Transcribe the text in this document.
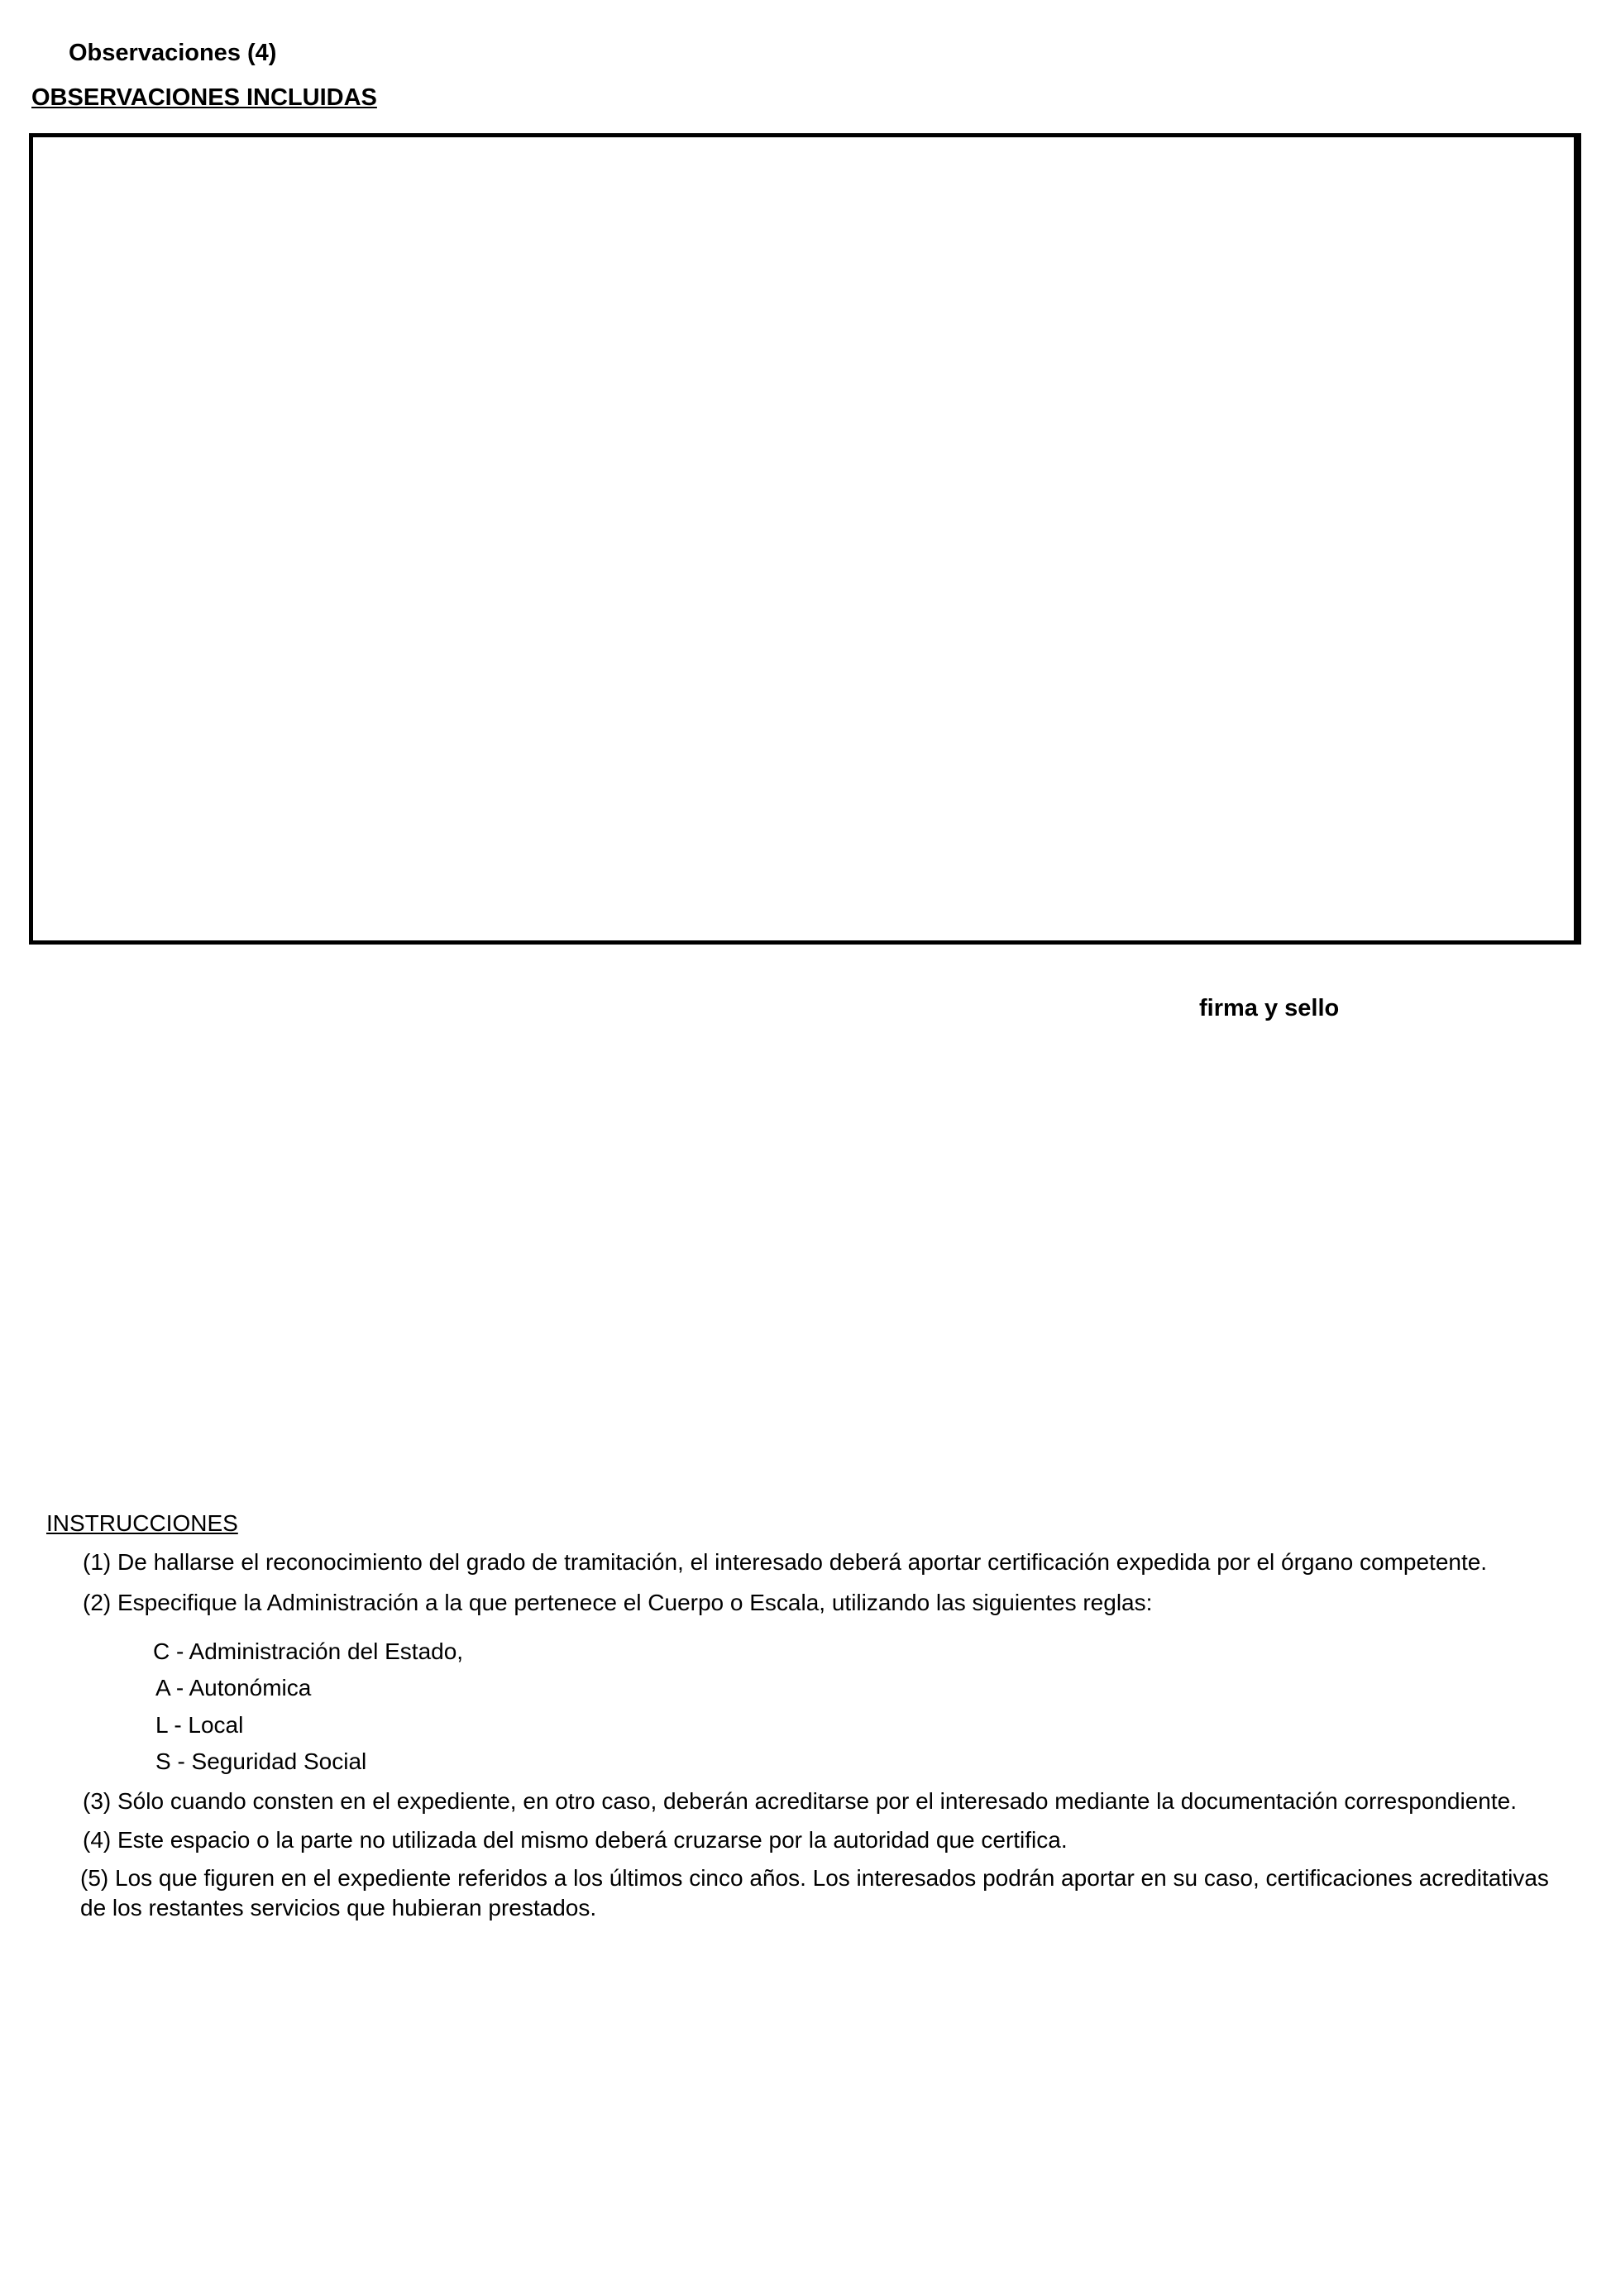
Observaciones (4)
OBSERVACIONES INCLUIDAS
firma y sello
INSTRUCCIONES
(1) De hallarse el reconocimiento del grado de tramitación, el interesado deberá aportar certificación expedida por el órgano competente.
(2) Especifique la Administración a la que pertenece el Cuerpo o Escala, utilizando las siguientes reglas:
C - Administración del Estado,
A - Autonómica
L - Local
S - Seguridad Social
(3) Sólo cuando consten en el expediente, en otro caso, deberán acreditarse por el interesado mediante la documentación correspondiente.
(4) Este espacio o la parte no utilizada del mismo deberá cruzarse por la autoridad que certifica.
(5) Los que figuren en el expediente referidos a los últimos cinco años. Los interesados podrán aportar en su caso, certificaciones acreditativas de los restantes servicios que hubieran prestados.
